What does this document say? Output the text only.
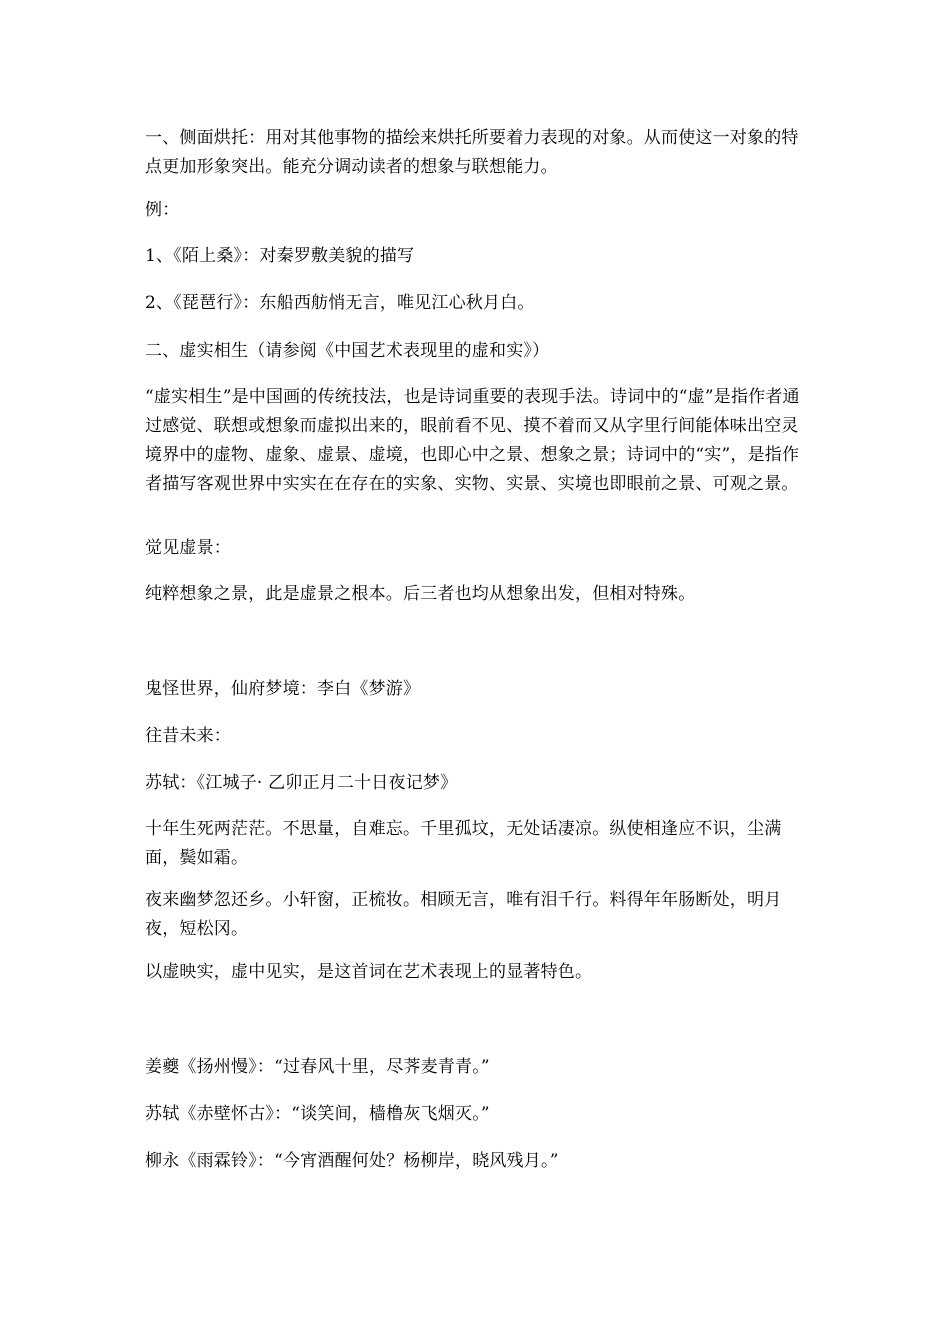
一、侧面烘托：用对其他事物的描绘来烘托所要着力表现的对象。从而使这一对象的特点更加形象突出。能充分调动读者的想象与联想能力。

例：

1、《陌上桑》：对秦罗敷美貌的描写

2、《琵琶行》：东船西舫悄无言，唯见江心秋月白。

二、虚实相生（请参阅《中国艺术表现里的虚和实》）

“虚实相生”是中国画的传统技法，也是诗词重要的表现手法。诗词中的“虚”是指作者通过感觉、联想或想象而虚拟出来的，眼前看不见、摸不着而又从字里行间能体味出空灵境界中的虚物、虚象、虚景、虚境，也即心中之景、想象之景；诗词中的“实”，是指作者描写客观世界中实实在在存在的实象、实物、实景、实境也即眼前之景、可观之景。

觉见虚景：

纯粹想象之景，此是虚景之根本。后三者也均从想象出发，但相对特殊。

鬼怪世界，仙府梦境：李白《梦游》

往昔未来：

苏轼：《江城子· 乙卯正月二十日夜记梦》

十年生死两茫茫。不思量，自难忘。千里孤坟，无处话凄凉。纵使相逢应不识，尘满面，鬓如霜。

夜来幽梦忽还乡。小轩窗，正梳妆。相顾无言，唯有泪千行。料得年年肠断处，明月夜，短松冈。

以虚映实，虚中见实，是这首词在艺术表现上的显著特色。

姜夔《扬州慢》：“过春风十里，尽荠麦青青。”

苏轼《赤壁怀古》：“谈笑间，樯橹灰飞烟灭。”

柳永《雨霖铃》：“今宵酒醒何处？杨柳岸，晓风残月。”
